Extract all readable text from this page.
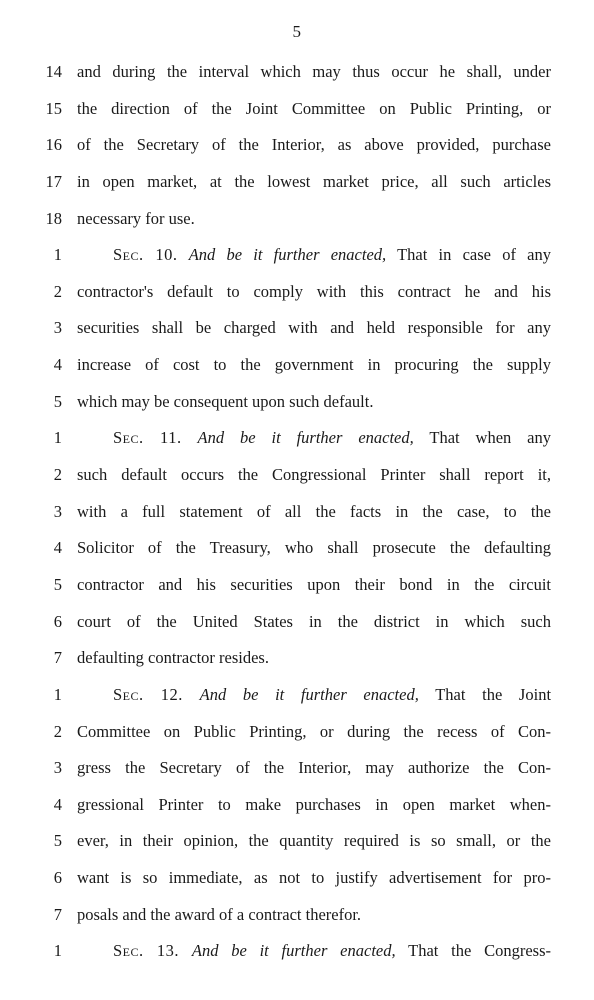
5
14 and during the interval which may thus occur he shall, under
15 the direction of the Joint Committee on Public Printing, or
16 of the Secretary of the Interior, as above provided, purchase
17 in open market, at the lowest market price, all such articles
18 necessary for use.
1	Sec. 10. And be it further enacted, That in case of any
2 contractor's default to comply with this contract he and his
3 securities shall be charged with and held responsible for any
4 increase of cost to the government in procuring the supply
5 which may be consequent upon such default.
1	Sec. 11. And be it further enacted, That when any
2 such default occurs the Congressional Printer shall report it,
3 with a full statement of all the facts in the case, to the
4 Solicitor of the Treasury, who shall prosecute the defaulting
5 contractor and his securities upon their bond in the circuit
6 court of the United States in the district in which such
7 defaulting contractor resides.
1	Sec. 12. And be it further enacted, That the Joint
2 Committee on Public Printing, or during the recess of Con-
3 gress the Secretary of the Interior, may authorize the Con-
4 gressional Printer to make purchases in open market when-
5 ever, in their opinion, the quantity required is so small, or the
6 want is so immediate, as not to justify advertisement for pro-
7 posals and the award of a contract therefor.
1	Sec. 13. And be it further enacted, That the Congress-
